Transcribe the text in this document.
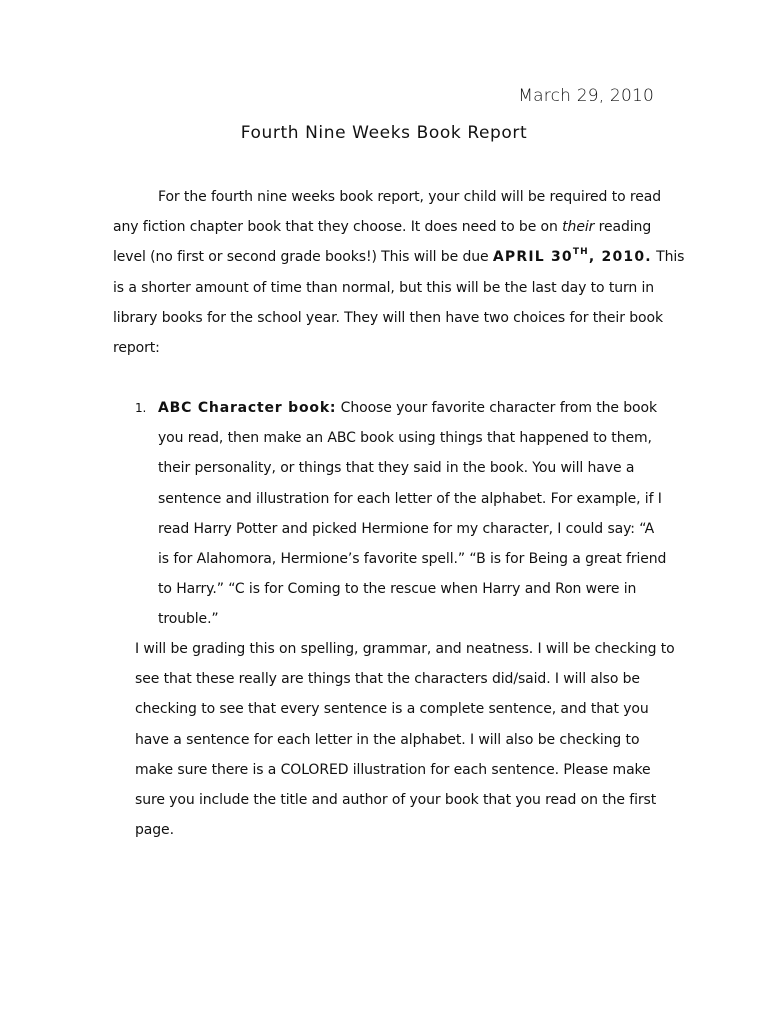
March 29, 2010
Fourth Nine Weeks Book Report
For the fourth nine weeks book report, your child will be required to read
any fiction chapter book that they choose. It does need to be on their reading
level (no first or second grade books!) This will be due APRIL 30TH, 2010. This
is a shorter amount of time than normal, but this will be the last day to turn in
library books for the school year. They will then have two choices for their book
report:
1. ABC Character book: Choose your favorite character from the book
you read, then make an ABC book using things that happened to them,
their personality, or things that they said in the book. You will have a
sentence and illustration for each letter of the alphabet. For example, if I
read Harry Potter and picked Hermione for my character, I could say: “A
is for Alahomora, Hermione’s favorite spell.” “B is for Being a great friend
to Harry.” “C is for Coming to the rescue when Harry and Ron were in
trouble.”
I will be grading this on spelling, grammar, and neatness. I will be checking to
see that these really are things that the characters did/said. I will also be
checking to see that every sentence is a complete sentence, and that you
have a sentence for each letter in the alphabet. I will also be checking to
make sure there is a COLORED illustration for each sentence. Please make
sure you include the title and author of your book that you read on the first
page.
